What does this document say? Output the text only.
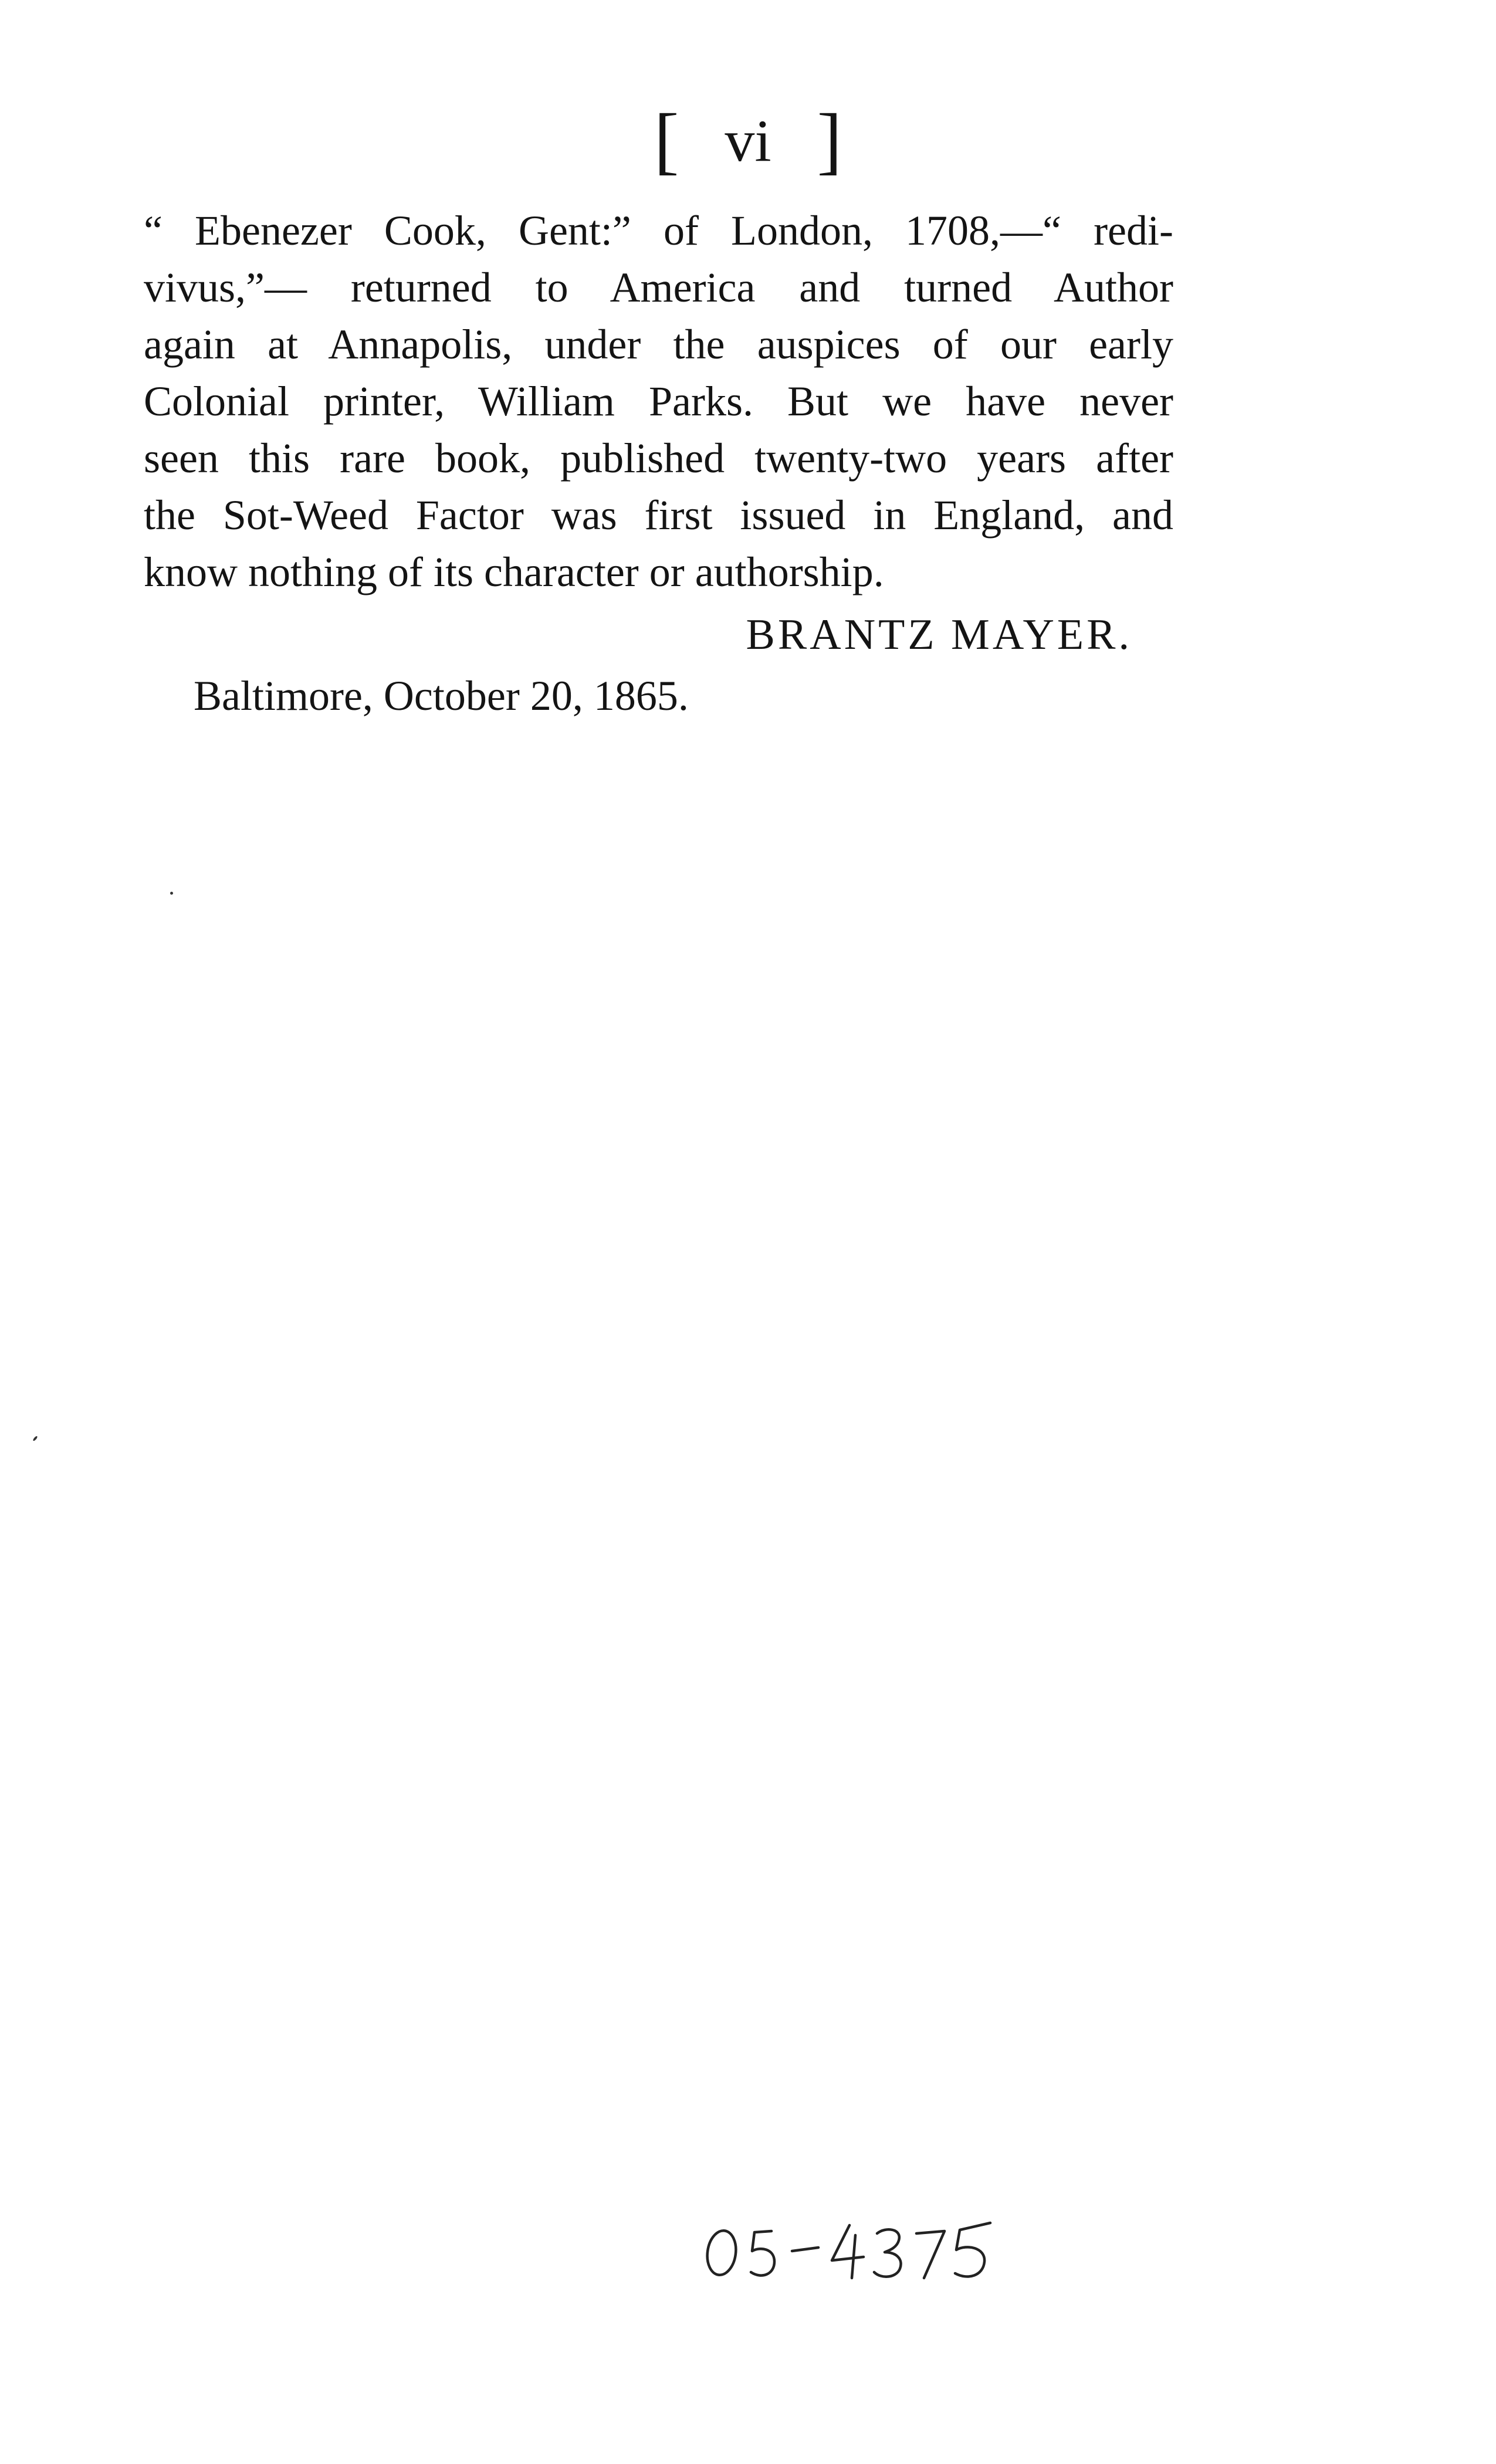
[ vi ]
“ Ebenezer Cook, Gent:” of London, 1708,—“ redi-
vivus,”— returned to America and turned Author
again at Annapolis, under the auspices of our early
Colonial printer, William Parks. But we have never
seen this rare book, published twenty-two years after
the Sot-Weed Factor was first issued in England, and
know nothing of its character or authorship.
BRANTZ MAYER.
Baltimore, October 20, 1865.
